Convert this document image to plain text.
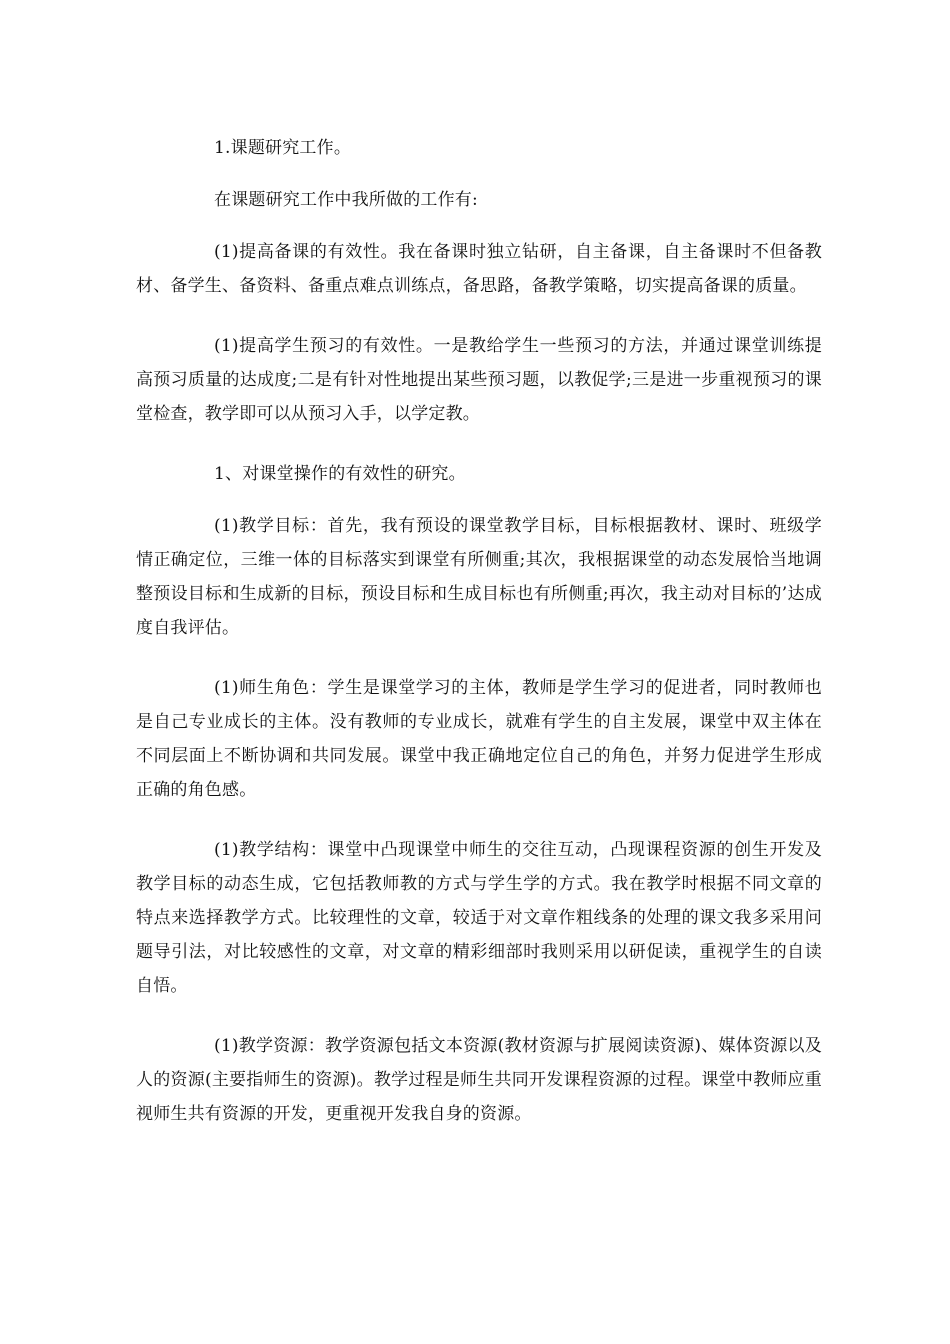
1.课题研究工作。

在课题研究工作中我所做的工作有:

(1)提高备课的有效性。我在备课时独立钻研，自主备课，自主备课时不但备教材、备学生、备资料、备重点难点训练点，备思路，备教学策略，切实提高备课的质量。

(1)提高学生预习的有效性。一是教给学生一些预习的方法，并通过课堂训练提高预习质量的达成度;二是有针对性地提出某些预习题，以教促学;三是进一步重视预习的课堂检查，教学即可以从预习入手，以学定教。

1、对课堂操作的有效性的研究。

(1)教学目标：首先，我有预设的课堂教学目标，目标根据教材、课时、班级学情正确定位，三维一体的目标落实到课堂有所侧重;其次，我根据课堂的动态发展恰当地调整预设目标和生成新的目标，预设目标和生成目标也有所侧重;再次，我主动对目标的’达成度自我评估。

(1)师生角色：学生是课堂学习的主体，教师是学生学习的促进者，同时教师也是自己专业成长的主体。没有教师的专业成长，就难有学生的自主发展，课堂中双主体在不同层面上不断协调和共同发展。课堂中我正确地定位自己的角色，并努力促进学生形成正确的角色感。

(1)教学结构：课堂中凸现课堂中师生的交往互动，凸现课程资源的创生开发及教学目标的动态生成，它包括教师教的方式与学生学的方式。我在教学时根据不同文章的特点来选择教学方式。比较理性的文章，较适于对文章作粗线条的处理的课文我多采用问题导引法，对比较感性的文章，对文章的精彩细部时我则采用以研促读，重视学生的自读自悟。

(1)教学资源：教学资源包括文本资源(教材资源与扩展阅读资源)、媒体资源以及人的资源(主要指师生的资源)。教学过程是师生共同开发课程资源的过程。课堂中教师应重视师生共有资源的开发，更重视开发我自身的资源。
